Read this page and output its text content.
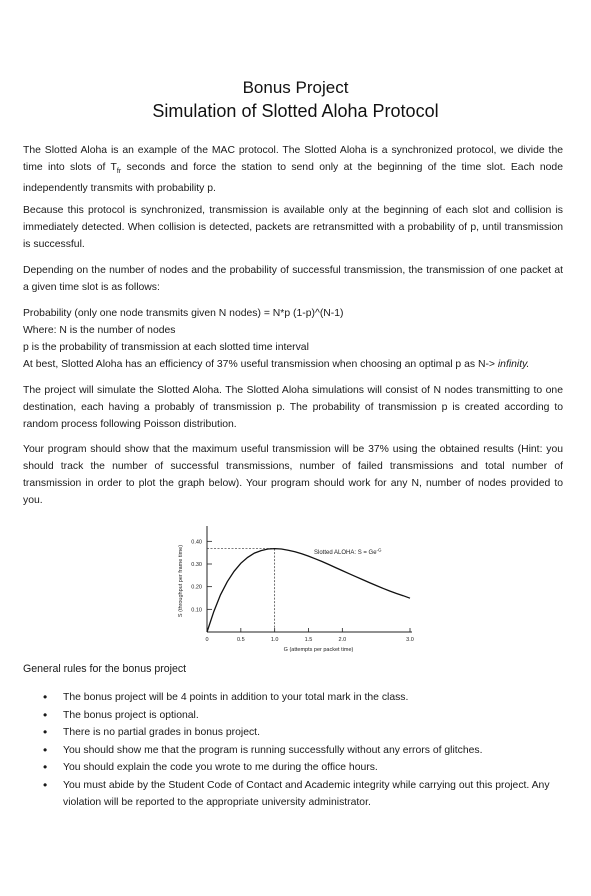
Bonus Project
Simulation of Slotted Aloha Protocol

The Slotted Aloha is an example of the MAC protocol. The Slotted Aloha is a synchronized protocol, we divide the time into slots of $T_{fr}$ seconds and force the station to send only at the beginning of the time slot. Each node independently transmits with probability p.

Because this protocol is synchronized, transmission is available only at the beginning of each slot and collision is immediately detected. When collision is detected, packets are retransmitted with a probability of p, until transmission is successful.

Depending on the number of nodes and the probability of successful transmission, the transmission of one packet at a given time slot is as follows:

Probability (only one node transmits given N nodes) = N*p (1-p)^(N-1)

Where: N is the number of nodes

p is the probability of transmission at each slotted time interval

At best, Slotted Aloha has an efficiency of 37% useful transmission when choosing an optimal p as N-> infinity.

The project will simulate the Slotted Aloha. The Slotted Aloha simulations will consist of N nodes transmitting to one destination, each having a probably of transmission p. The probability of transmission p is created according to random process following Poisson distribution.

Your program should show that the maximum useful transmission will be 37% using the obtained results (Hint: you should track the number of successful transmissions, number of failed transmissions and total number of transmission in order to plot the graph below). Your program should work for any N, number of nodes provided to you.

0.10
0.20
0.30
0.40
0	0.5	1.0	1.5	2.0	3.0
Slotted ALOHA: $S = Ge^{-G}$
G (attempts per packet time)
S (throughput per frame time)
General rules for the bonus project
• The bonus project will be 4 points in addition to your total mark in the class.
• The bonus project is optional.
• There is no partial grades in bonus project.
• You should show me that the program is running successfully without any errors of glitches.
• You should explain the code you wrote to me during the office hours.
• You must abide by the Student Code of Contact and Academic integrity while carrying out this project. Any violation will be reported to the appropriate university administrator.
